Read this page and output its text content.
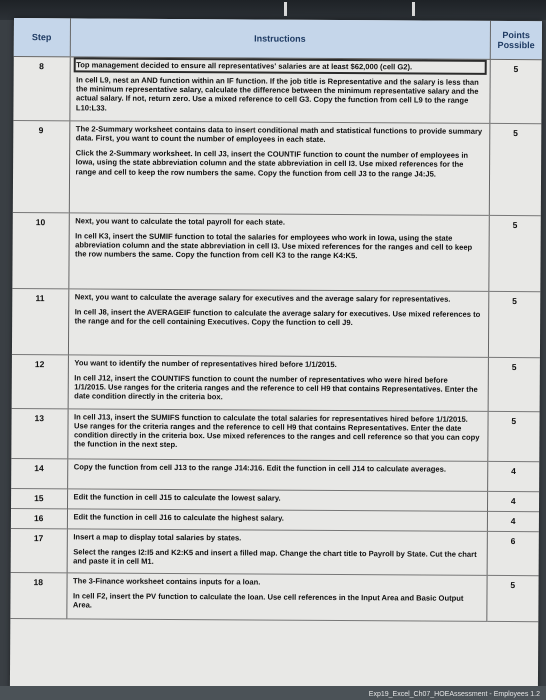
Step	Instructions	Points
Possible

8	Top management decided to ensure all representatives' salaries are at least $62,000 (cell G2).
In cell L9, nest an AND function within an IF function. If the job title is Representative and the salary is less than the minimum representative salary, calculate the difference between the minimum representative salary and the actual salary. If not, return zero. Use a mixed reference to cell G3. Copy the function from cell L9 to the range L10:L33.	5
9	The 2-Summary worksheet contains data to insert conditional math and statistical functions to provide summary data. First, you want to count the number of employees in each state.
Click the 2-Summary worksheet. In cell J3, insert the COUNTIF function to count the number of employees in Iowa, using the state abbreviation column and the state abbreviation in cell I3. Use mixed references for the range and cell to keep the row numbers the same. Copy the function from cell J3 to the range J4:J5.	5
10	Next, you want to calculate the total payroll for each state.
In cell K3, insert the SUMIF function to total the salaries for employees who work in Iowa, using the state abbreviation column and the state abbreviation in cell I3. Use mixed references for the ranges and cell to keep the row numbers the same. Copy the function from cell K3 to the range K4:K5.	5
11	Next, you want to calculate the average salary for executives and the average salary for representatives.
In cell J8, insert the AVERAGEIF function to calculate the average salary for executives. Use mixed references to the range and for the cell containing Executives. Copy the function to cell J9.	5
12	You want to identify the number of representatives hired before 1/1/2015.
In cell J12, insert the COUNTIFS function to count the number of representatives who were hired before 1/1/2015. Use ranges for the criteria ranges and the reference to cell H9 that contains Representatives. Enter the date condition directly in the criteria box.	5
13	In cell J13, insert the SUMIFS function to calculate the total salaries for representatives hired before 1/1/2015. Use ranges for the criteria ranges and the reference to cell H9 that contains Representatives. Enter the date condition directly in the criteria box. Use mixed references to the ranges and cell reference so that you can copy the function in the next step.	5
14	Copy the function from cell J13 to the range J14:J16. Edit the function in cell J14 to calculate averages.	4
15	Edit the function in cell J15 to calculate the lowest salary.	4
16	Edit the function in cell J16 to calculate the highest salary.	4
17	Insert a map to display total salaries by states.
Select the ranges I2:I5 and K2:K5 and insert a filled map. Change the chart title to Payroll by State. Cut the chart and paste it in cell M1.	6
18	The 3-Finance worksheet contains inputs for a loan.
In cell F2, insert the PV function to calculate the loan. Use cell references in the Input Area and Basic Output Area.	5
Exp19_Excel_Ch07_HOEAssessment - Employees 1.2
